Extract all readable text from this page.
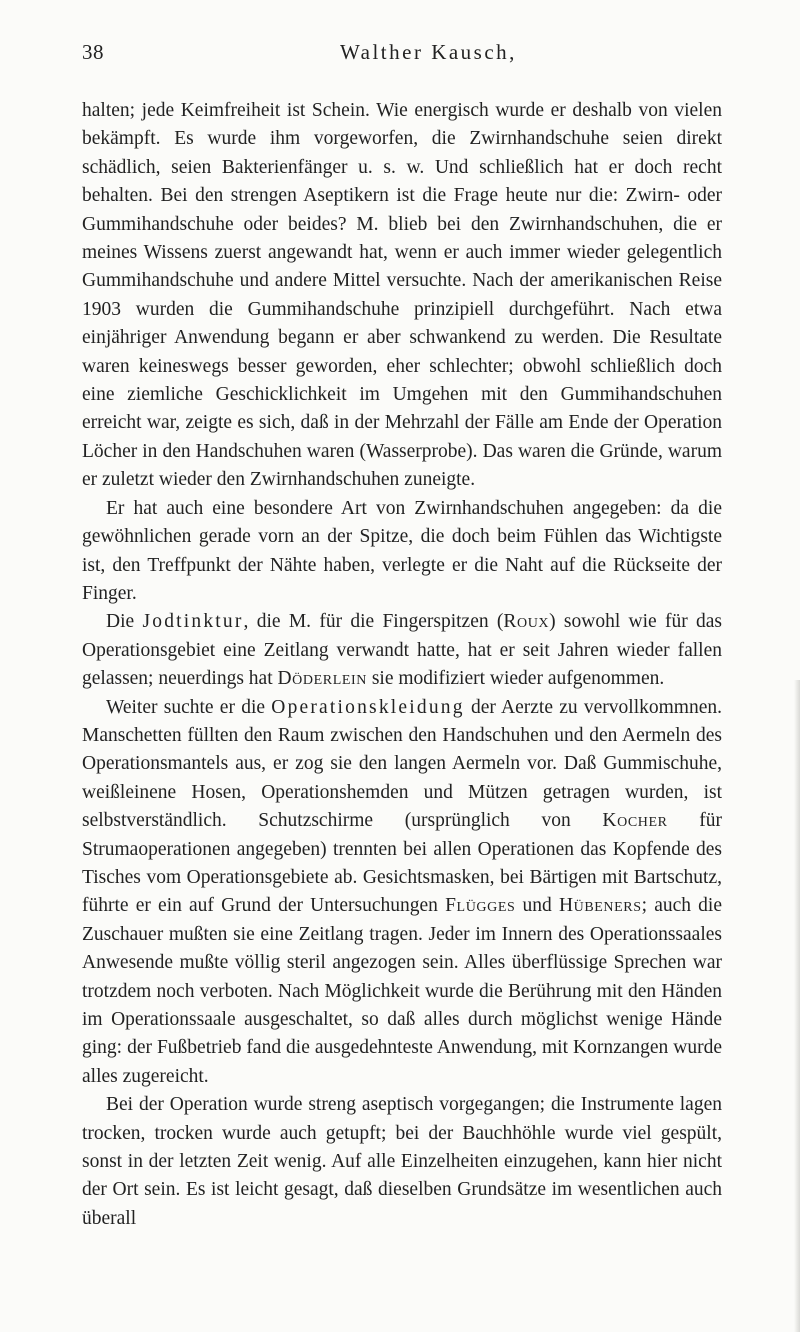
38	Walther Kausch,

halten; jede Keimfreiheit ist Schein. Wie energisch wurde er deshalb von vielen bekämpft. Es wurde ihm vorgeworfen, die Zwirnhandschuhe seien direkt schädlich, seien Bakterienfänger u. s. w. Und schließlich hat er doch recht behalten. Bei den strengen Aseptikern ist die Frage heute nur die: Zwirn- oder Gummihandschuhe oder beides? M. blieb bei den Zwirnhandschuhen, die er meines Wissens zuerst angewandt hat, wenn er auch immer wieder gelegentlich Gummihandschuhe und andere Mittel versuchte. Nach der amerikanischen Reise 1903 wurden die Gummihandschuhe prinzipiell durchgeführt. Nach etwa einjähriger Anwendung begann er aber schwankend zu werden. Die Resultate waren keineswegs besser geworden, eher schlechter; obwohl schließlich doch eine ziemliche Geschicklichkeit im Umgehen mit den Gummihandschuhen erreicht war, zeigte es sich, daß in der Mehrzahl der Fälle am Ende der Operation Löcher in den Handschuhen waren (Wasserprobe). Das waren die Gründe, warum er zuletzt wieder den Zwirnhandschuhen zuneigte.

Er hat auch eine besondere Art von Zwirnhandschuhen angegeben: da die gewöhnlichen gerade vorn an der Spitze, die doch beim Fühlen das Wichtigste ist, den Treffpunkt der Nähte haben, verlegte er die Naht auf die Rückseite der Finger.

Die Jodtinktur, die M. für die Fingerspitzen (Roux) sowohl wie für das Operationsgebiet eine Zeitlang verwandt hatte, hat er seit Jahren wieder fallen gelassen; neuerdings hat Döderlein sie modifiziert wieder aufgenommen.

Weiter suchte er die Operationskleidung der Aerzte zu vervollkommnen. Manschetten füllten den Raum zwischen den Handschuhen und den Aermeln des Operationsmantels aus, er zog sie den langen Aermeln vor. Daß Gummischuhe, weißleinene Hosen, Operationshemden und Mützen getragen wurden, ist selbstverständlich. Schutzschirme (ursprünglich von Kocher für Strumaoperationen angegeben) trennten bei allen Operationen das Kopfende des Tisches vom Operationsgebiete ab. Gesichtsmasken, bei Bärtigen mit Bartschutz, führte er ein auf Grund der Untersuchungen Flügges und Hübeners; auch die Zuschauer mußten sie eine Zeitlang tragen. Jeder im Innern des Operationssaales Anwesende mußte völlig steril angezogen sein. Alles überflüssige Sprechen war trotzdem noch verboten. Nach Möglichkeit wurde die Berührung mit den Händen im Operationssaale ausgeschaltet, so daß alles durch möglichst wenige Hände ging: der Fußbetrieb fand die ausgedehnteste Anwendung, mit Kornzangen wurde alles zugereicht.

Bei der Operation wurde streng aseptisch vorgegangen; die Instrumente lagen trocken, trocken wurde auch getupft; bei der Bauchhöhle wurde viel gespült, sonst in der letzten Zeit wenig. Auf alle Einzelheiten einzugehen, kann hier nicht der Ort sein. Es ist leicht gesagt, daß dieselben Grundsätze im wesentlichen auch überall
